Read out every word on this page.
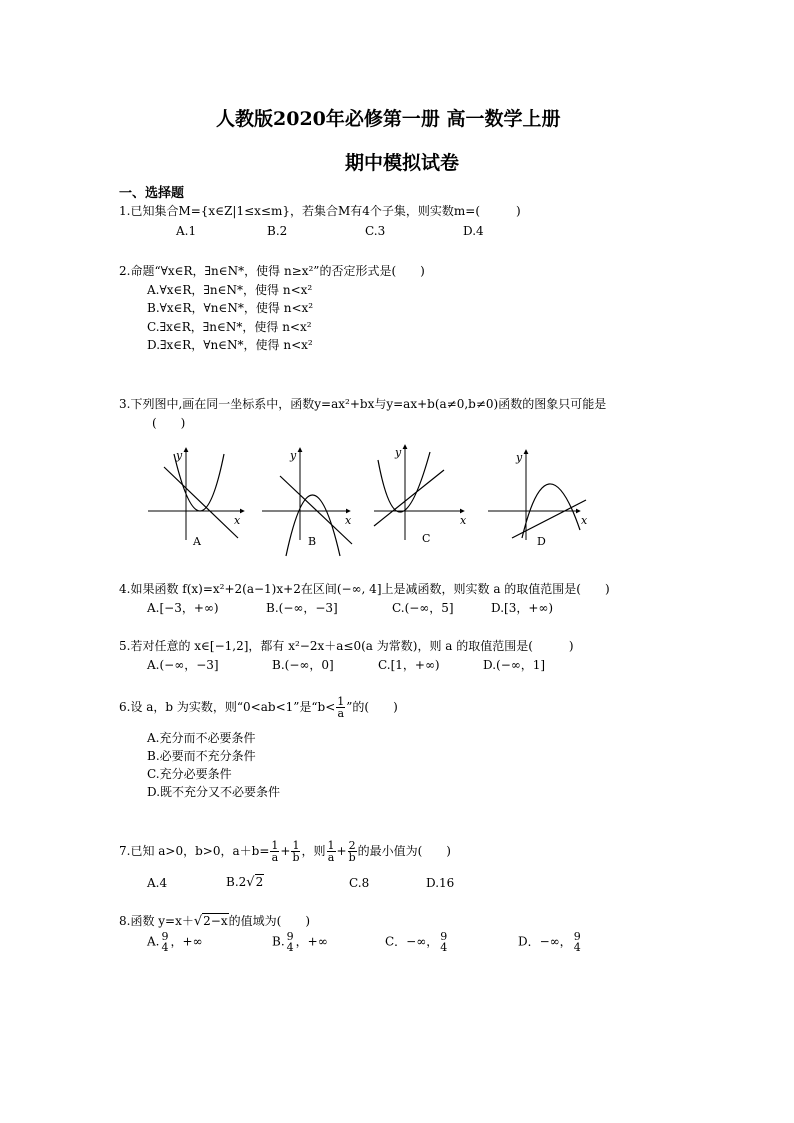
人教版2020年必修第一册 高一数学上册
期中模拟试卷
一、选择题
1.已知集合M={x∈Z|1≤x≤m}，若集合M有4个子集，则实数m=(　　　)
A.1	B.2	C.3	D.4
2.命题“∀x∈R，∃n∈N*，使得 n≥x²”的否定形式是(　　)
A.∀x∈R，∃n∈N*，使得 n<x²
B.∀x∈R，∀n∈N*，使得 n<x²
C.∃x∈R，∃n∈N*，使得 n<x²
D.∃x∈R，∀n∈N*，使得 n<x²
3.下列图中,画在同一坐标系中，函数y=ax²+bx与y=ax+b(a≠0,b≠0)函数的图象只可能是
(　　)
y
x
A
y
x
B
y
x
C
y
x
D
4.如果函数 f(x)=x²+2(a−1)x+2在区间(−∞, 4]上是减函数，则实数 a 的取值范围是(　　)
A.[−3，+∞)	B.(−∞，−3]	C.(−∞，5]	D.[3，+∞)
5.若对任意的 x∈[−1,2]，都有 x²−2x＋a≤0(a 为常数)，则 a 的取值范围是(　　　)
A.(−∞，−3]	B.(−∞，0]	C.[1，+∞)	D.(−∞，1]
6.设 a，b 为实数，则“0<ab<1”是“$b< \frac{1}{a}$ ”的(　　)
A.充分而不必要条件
B.必要而不充分条件
C.充分必要条件
D.既不充分又不必要条件
7.已知 a>0，b>0，$a+b= \frac{1}{a} + \frac{1}{b}$ ，则 $\frac{1}{a} + \frac{2}{b}$ 的最小值为(　　)
A.4	B.2√2	C.8	D.16
8.函数 y=x＋√2−x的值域为(　　)
A. 9
4 ，+∞	B. 9
4 ，+∞	C．−∞， 9
4	D．−∞， 9
4
